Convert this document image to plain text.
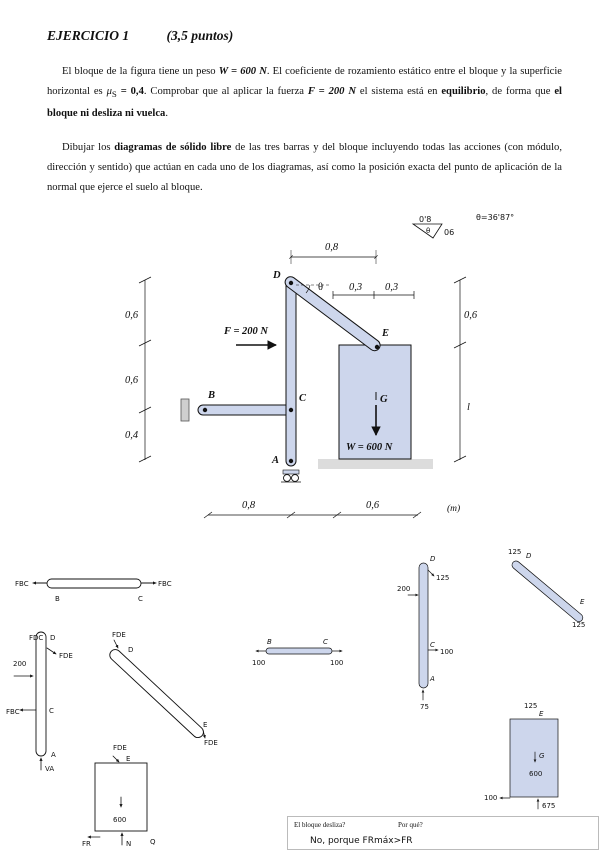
EJERCICIO 1	(3,5 puntos)
El bloque de la figura tiene un peso W = 600 N. El coeficiente de rozamiento estático entre el bloque y la superficie horizontal es $\mu_S = 0,4$. Comprobar que al aplicar la fuerza F = 200 N el sistema está en equilibrio, de forma que el bloque ni desliza ni vuelca.
Dibujar los diagramas de sólido libre de las tres barras y del bloque incluyendo todas las acciones (con módulo, dirección y sentido) que actúan en cada uno de los diagramas, así como la posición exacta del punto de aplicación de la normal que ejerce el suelo al bloque.
0,8
0,3 0,3
0,6
0,6
0,4
0,6
l
0,8	0,6	(m)
θ
D
E
C
B
A
G
F = 200 N
W = 600 N
0'8
θ 06
θ=36'87°
FBC	FBC
B	C
FDC D
FDE
200
FBC	C
A
VA
FDE
D
E
FDE
FDE
E
600
FR	N	Q
B	C
100	100
D
125
200
C
100
A
75
125 D
E
125
125
E
G
600
100
675
El bloque desliza?	Por qué?
No, porque FRmáx>FR
